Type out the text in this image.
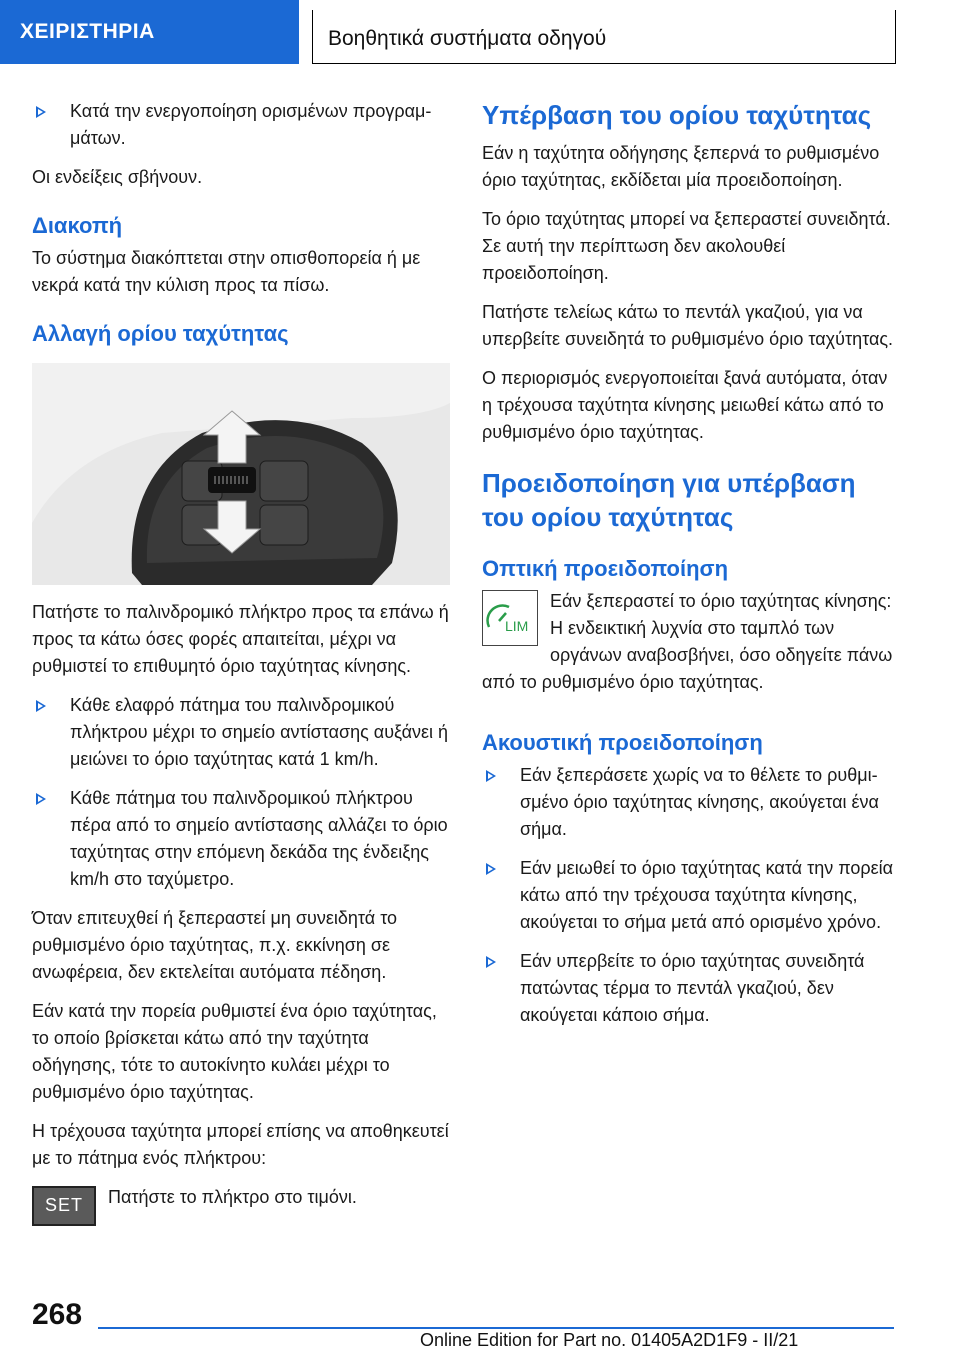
ΧΕΙΡΙΣΤΗΡΙΑ	Βοηθητικά συστήματα οδηγού
Κατά την ενεργοποίηση ορισμένων προγραμμάτων.

Οι ενδείξεις σβήνουν.

Διακοπή

Το σύστημα διακόπτεται στην οπισθοπορεία ή με νεκρά κατά την κύλιση προς τα πίσω.

Αλλαγή ορίου ταχύτητας

Πατήστε το παλινδρομικό πλήκτρο προς τα επάνω ή προς τα κάτω όσες φορές απαιτείται, μέχρι να ρυθμιστεί το επιθυμητό όριο ταχύτητας κίνησης.

Κάθε ελαφρό πάτημα του παλινδρομικού πλήκτρου μέχρι το σημείο αντίστασης αυξάνει ή μειώνει το όριο ταχύτητας κατά 1 km/h.
Κάθε πάτημα του παλινδρομικού πλήκτρου πέρα από το σημείο αντίστασης αλλάζει το όριο ταχύτητας στην επόμενη δεκάδα της ένδειξης km/h στο ταχύμετρο.

Όταν επιτευχθεί ή ξεπεραστεί μη συνειδητά το ρυθμισμένο όριο ταχύτητας, π.χ. εκκίνηση σε ανωφέρεια, δεν εκτελείται αυτόματα πέδηση.

Εάν κατά την πορεία ρυθμιστεί ένα όριο ταχύτητας, το οποίο βρίσκεται κάτω από την ταχύτητα οδήγησης, τότε το αυτοκίνητο κυλάει μέχρι το ρυθμισμένο όριο ταχύτητας.

Η τρέχουσα ταχύτητα μπορεί επίσης να αποθηκευτεί με το πάτημα ενός πλήκτρου:

SET	Πατήστε το πλήκτρο στο τιμόνι.

Υπέρβαση του ορίου ταχύτητας

Εάν η ταχύτητα οδήγησης ξεπερνά το ρυθμισμένο όριο ταχύτητας, εκδίδεται μία προειδοποίηση.

Το όριο ταχύτητας μπορεί να ξεπεραστεί συνειδητά. Σε αυτή την περίπτωση δεν ακολουθεί προειδοποίηση.

Πατήστε τελείως κάτω το πεντάλ γκαζιού, για να υπερβείτε συνειδητά το ρυθμισμένο όριο ταχύτητας.

Ο περιορισμός ενεργοποιείται ξανά αυτόματα, όταν η τρέχουσα ταχύτητα κίνησης μειωθεί κάτω από το ρυθμισμένο όριο ταχύτητας.

Προειδοποίηση για υπέρβαση του ορίου ταχύτητας
Οπτική προειδοποίηση
LIM

Εάν ξεπεραστεί το όριο ταχύτητας κίνησης: Η ενδεικτική λυχνία στο ταμπλό των οργάνων αναβοσβήνει, όσο οδηγείτε πάνω από το ρυθμισμένο όριο ταχύτητας.

Ακουστική προειδοποίηση
Εάν ξεπεράσετε χωρίς να το θέλετε το ρυθμισμένο όριο ταχύτητας κίνησης, ακούγεται ένα σήμα.
Εάν μειωθεί το όριο ταχύτητας κατά την πορεία κάτω από την τρέχουσα ταχύτητα κίνησης, ακούγεται το σήμα μετά από ορισμένο χρόνο.
Εάν υπερβείτε το όριο ταχύτητας συνειδητά πατώντας τέρμα το πεντάλ γκαζιού, δεν ακούγεται κάποιο σήμα.
268
Online Edition for Part no. 01405A2D1F9 - II/21
